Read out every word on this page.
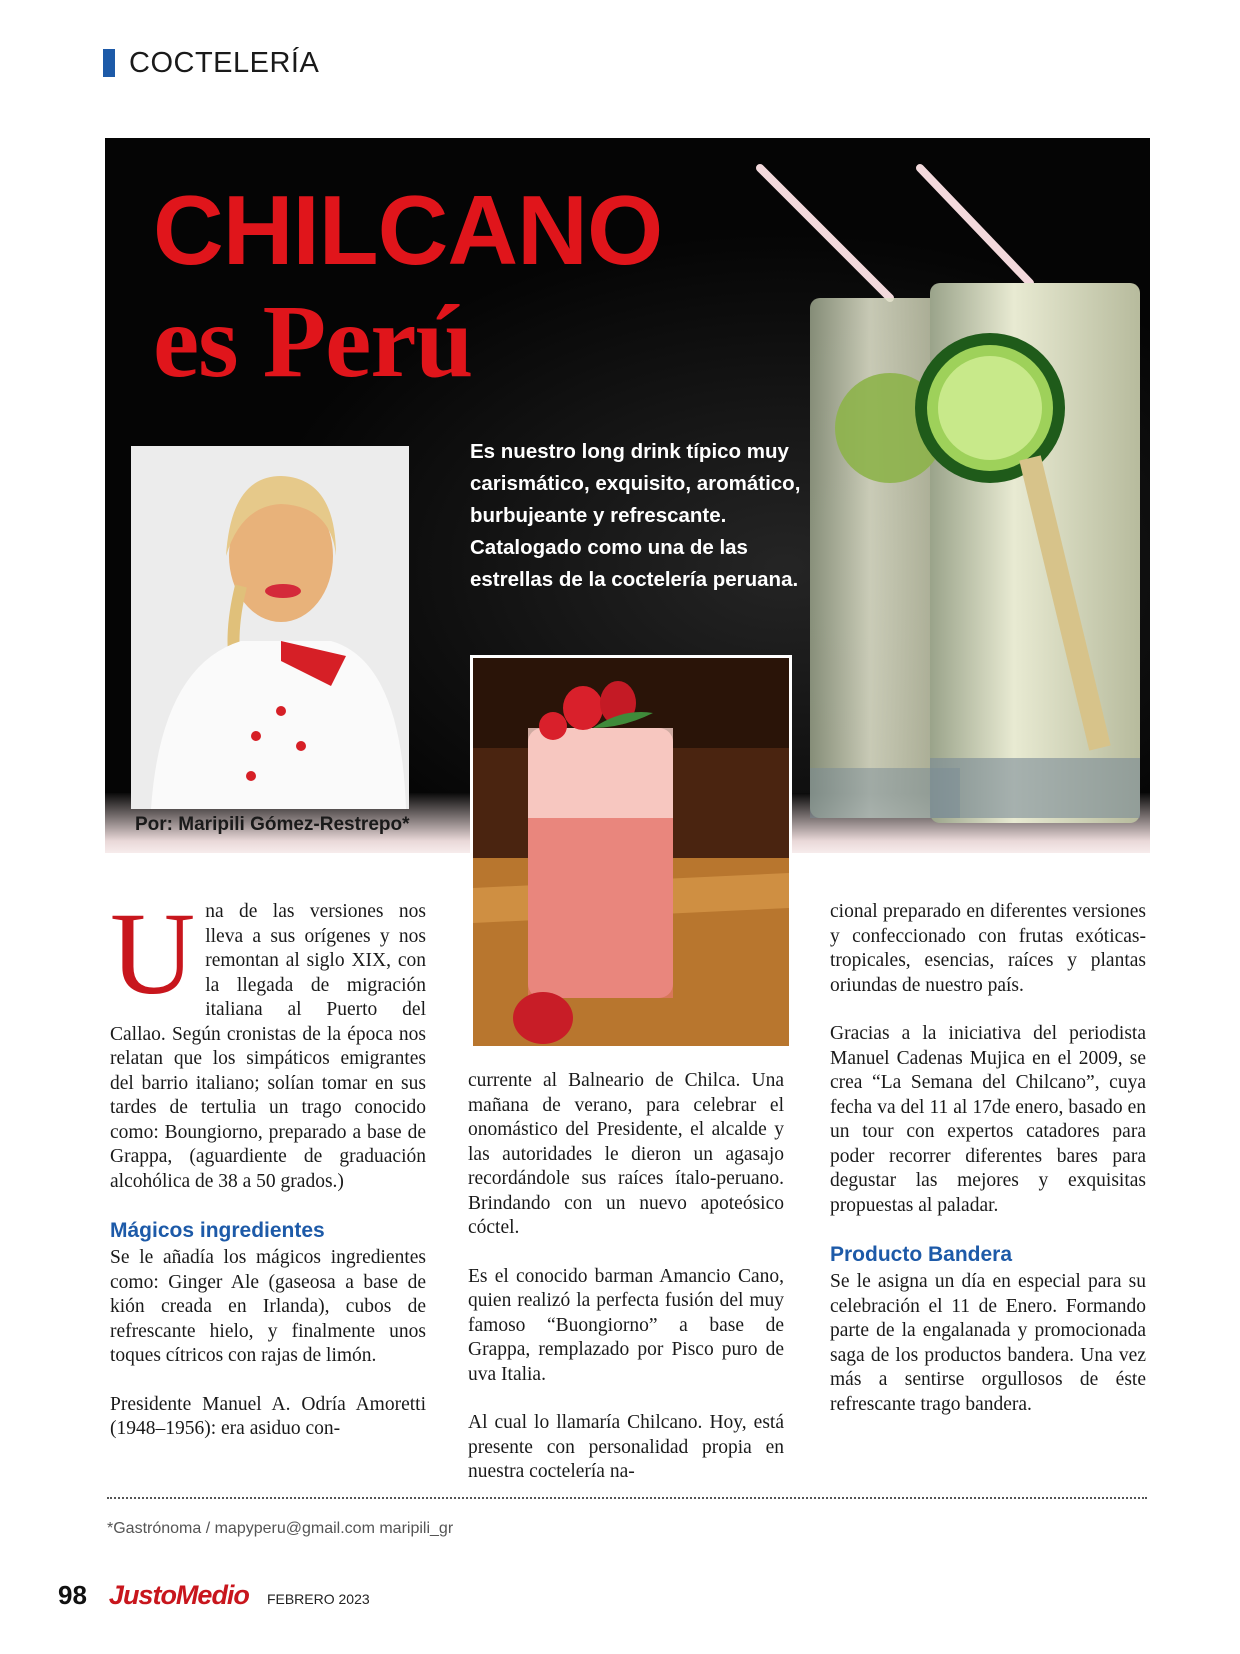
COCTELERÍA
CHILCANO
es Perú

Es nuestro long drink típico muy carismático, exquisito, aromático, burbujeante y refrescante. Catalogado como una de las estrellas de la coctelería peruana.

Por: Maripili Gómez-Restrepo*

Una de las versiones nos lleva a sus orígenes y nos remontan al siglo XIX, con la llegada de migración italiana al Puerto del Callao. Según cronistas de la época nos relatan que los simpáticos emigrantes del barrio italiano; solían tomar en sus tardes de tertulia un trago conocido como: Boungiorno, preparado a base de Grappa, (aguardiente de graduación alcohólica de 38 a 50 grados.)

Mágicos ingredientes

Se le añadía los mágicos ingredientes como: Ginger Ale (gaseosa a base de kión creada en Irlanda), cubos de refrescante hielo, y finalmente unos toques cítricos con rajas de limón.

Presidente Manuel A. Odría Amoretti (1948–1956): era asiduo con-

currente al Balneario de Chilca. Una mañana de verano, para celebrar el onomástico del Presidente, el alcalde y las autoridades le dieron un agasajo recordándole sus raíces ítalo-peruano. Brindando con un nuevo apoteósico cóctel.

Es el conocido barman Amancio Cano, quien realizó la perfecta fusión del muy famoso “Buongiorno” a base de Grappa, remplazado por Pisco puro de uva Italia.

Al cual lo llamaría Chilcano. Hoy, está presente con personalidad propia en nuestra coctelería na-

cional preparado en diferentes versiones y confeccionado con frutas exóticas-tropicales, esencias, raíces y plantas oriundas de nuestro país.

Gracias a la iniciativa del periodista Manuel Cadenas Mujica en el 2009, se crea “La Semana del Chilcano”, cuya fecha va del 11 al 17de enero, basado en un tour con expertos catadores para poder recorrer diferentes bares para degustar las mejores y exquisitas propuestas al paladar.

Producto Bandera

Se le asigna un día en especial para su celebración el 11 de Enero. Formando parte de la engalanada y promocionada saga de los productos bandera. Una vez más a sentirse orgullosos de éste refrescante trago bandera.

*Gastrónoma / mapyperu@gmail.com maripili_gr
98 JustoMedio FEBRERO 2023
